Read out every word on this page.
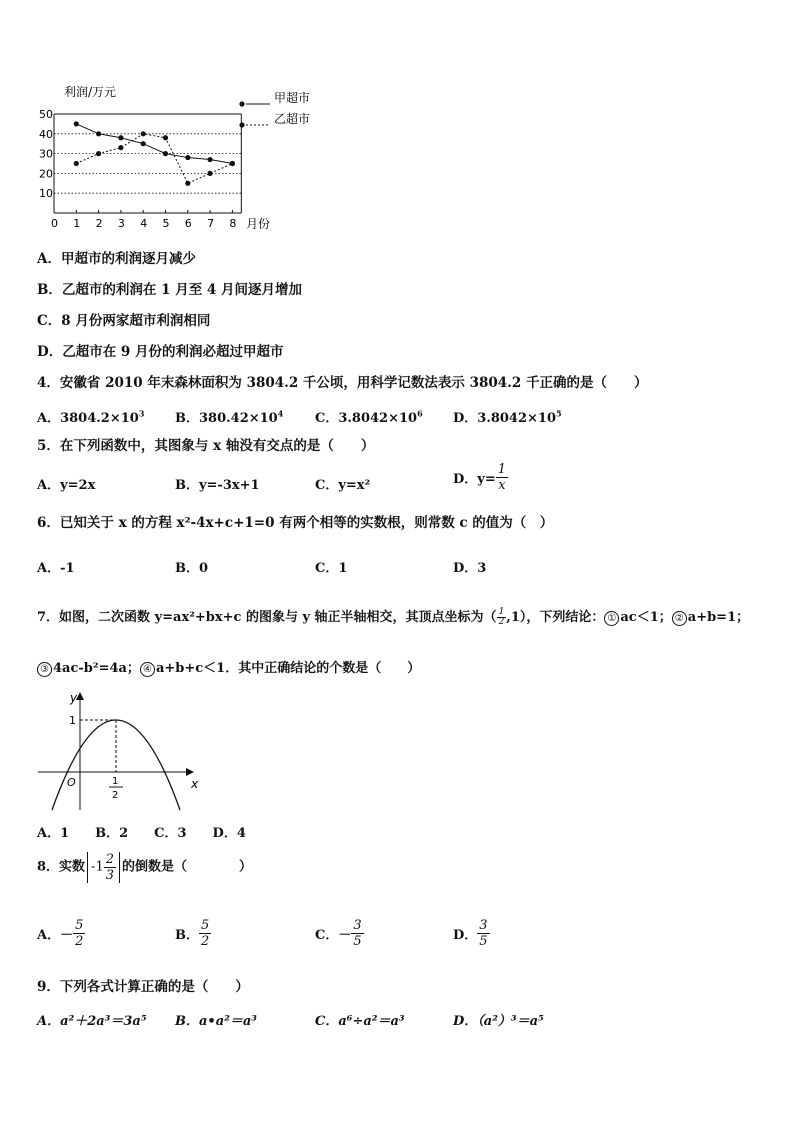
利润/万元
50
40
30
20
10
0 1 2 3 4 5 6 7 8
甲超市
乙超市
月份
A．甲超市的利润逐月减少
B．乙超市的利润在 1 月至 4 月间逐月增加
C．8 月份两家超市利润相同
D．乙超市在 9 月份的利润必超过甲超市
4．安徽省 2010 年末森林面积为 3804.2 千公顷，用科学记数法表示 3804.2 千正确的是（　　）
A．$3804.2\times 10^3$ B．$380.42\times 10^4$ C．$3.8042\times 10^6$ D．$3.8042\times 10^5$
5．在下列函数中，其图象与 x 轴没有交点的是（　　）
A．y=2x	B．y=-3x+1	C．y=x²	D．$y= \frac{1}{x}$
6．已知关于 x 的方程 x²-4x+c+1=0 有两个相等的实数根，则常数 c 的值为（　）
A．-1	B．0	C．1	D．3
7．如图，二次函数 y=ax²+bx+c 的图象与 y 轴正半轴相交，其顶点坐标为（ $\frac{1}{2} ,1$），下列结论： ① ac＜1； ② a+b=1；
③ 4ac-b²=4a； ④ a+b+c＜1．其中正确结论的个数是（　　）
y
x
O
1
1
2
A．1　　B．2　　C．3　　D．4
8．实数 $-1 \frac{2}{3}$ 的倒数是（　　　　）
A．－ $\frac{5}{2}$	B． $\frac{5}{2}$	C．－ $\frac{3}{5}$	D． $\frac{3}{5}$
9．下列各式计算正确的是（　　）
A．a²＋2a³＝3a⁵ B．a•a²＝a³	C．a⁶÷a²＝a³	D．（a²）³＝a⁵
